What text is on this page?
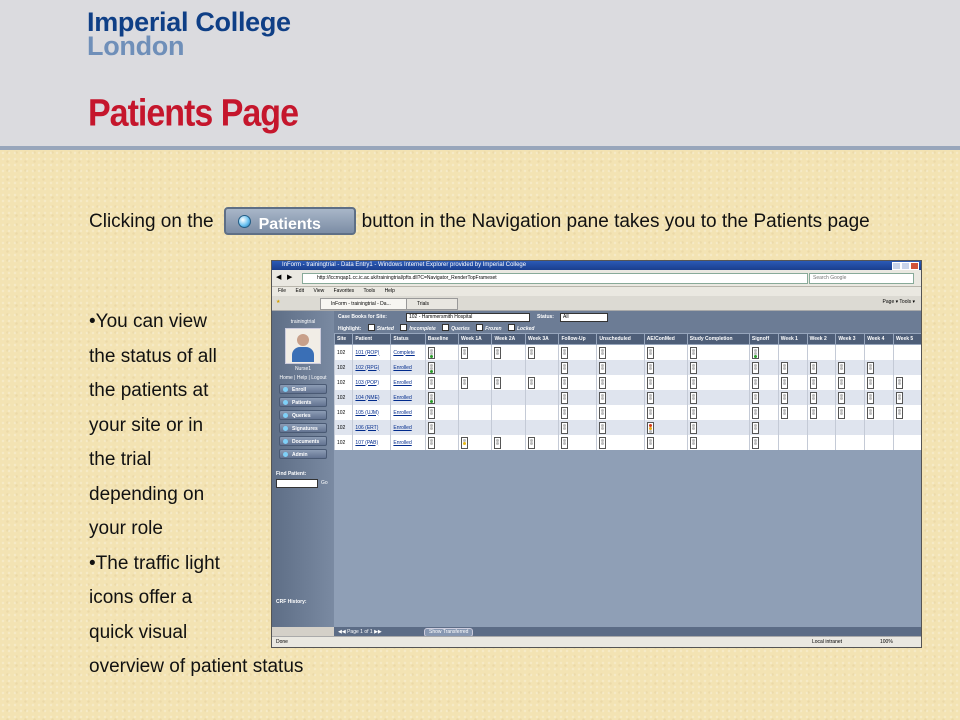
Imperial College
London
Patients Page
Clicking on the	Patients button in the Navigation pane takes you to the Patients page
•You can view
the status of all
the patients at
your site or in
the trial
depending on
your role
•The traffic light
icons offer a
quick visual
overview of patient status
InForm - trainingtrial - Data Entry1 - Windows Internet Explorer provided by Imperial College
◀ ▶	http://lccrnqap1.cc.ic.ac.uk/trainingtrial/pfts.dll?C=Navigator_RenderTopFrameset	Search Google
File Edit View Favorites Tools Help
★	InForm - trainingtrial - Da...	Trials	Page ▾ Tools ▾
trainingtrial
Nurse1
Home | Help | Logout
Enroll
Patients
Queries
Signatures
Documents
Admin
Find Patient:
Go
CRF History:
Case Books for Site:	102 - Hammersmith Hospital	Status:	All
Highlight:	Started	Incomplete	Queries	Frozen	Locked
Site	Patient	Status	Baseline	Week 1A	Week 2A	Week 3A	Follow-Up	Unscheduled	AE/ConMed	Study Completion	Signoff	Week 1	Week 2	Week 3	Week 4	Week 5
102	101 (ROP)	Complete														
102	102 (RPG)	Enrolled														
102	103 (POP)	Enrolled														
102	104 (NME)	Enrolled														
102	105 (UJM)	Enrolled														
102	106 (ERT)	Enrolled														
102	107 (PAB)	Enrolled														
◀◀ Page 1 of 1 ▶▶	Show Transferred
Done	Local intranet	100%
